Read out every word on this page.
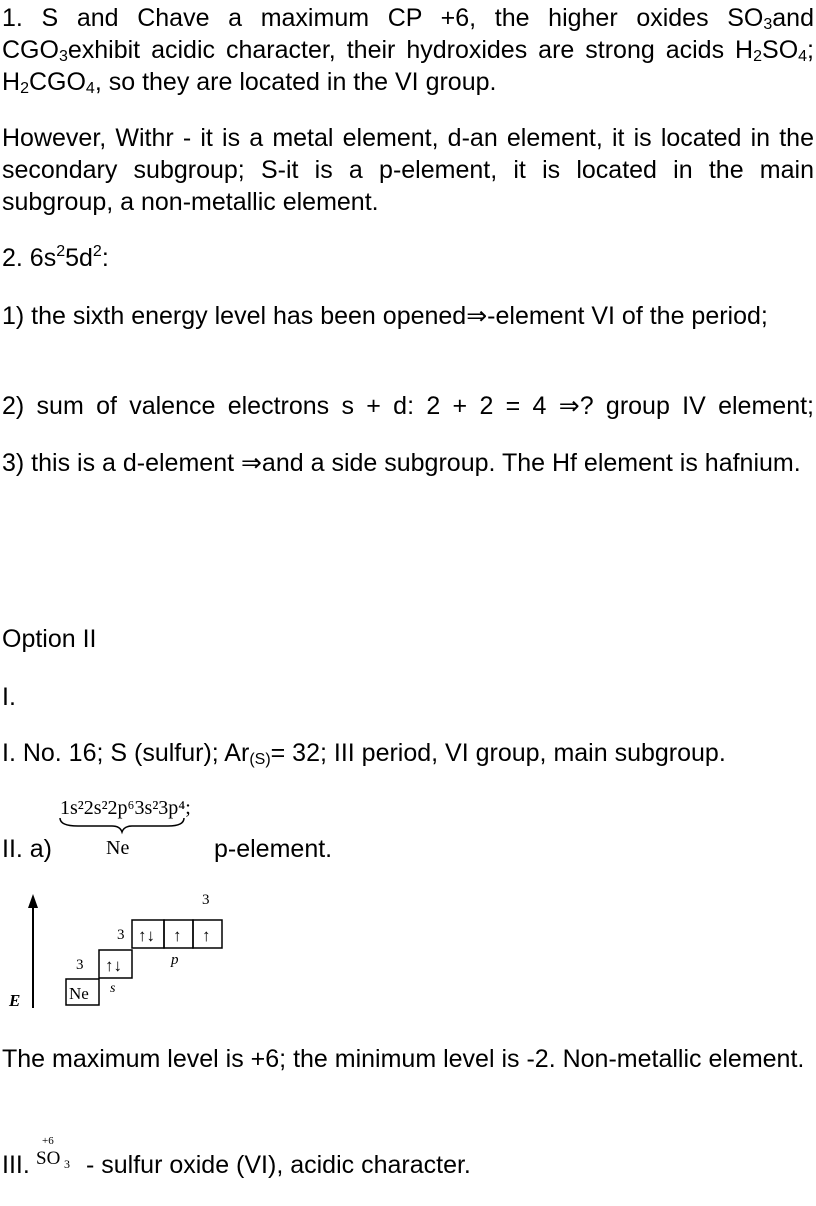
1. S and Chave a maximum CP +6, the higher oxides $SO_3and$ $CGO_3exhibit$ acidic character, their hydroxides are strong acids $H_2SO_4$; $H_2CGO_4$, so they are located in the VI group.

However, Withr - it is a metal element, d-an element, it is located in the secondary subgroup; S-it is a p-element, it is located in the main subgroup, a non-metallic element.

2. $6s^25d^2$:

1) the sixth energy level has been opened⇒-element VI of the period;

2) sum of valence electrons s + d: 2 + 2 = 4 ⇒? group IV element;

3) this is a d-element ⇒and a side subgroup. The Hf element is hafnium.

Option II

I.

I. No. 16; S (sulfur); $Ar_{(S)}= 32$; III period, VI group, main subgroup.

II. a)	p-element.

1s²2s²2p⁶3s²3p⁴;
Ne
E	Ne
3 ↑↓
s
3 ↑↓ ↑ ↑
p
3

The maximum level is +6; the minimum level is -2. Non-metallic element.

III.

+6
SO 3 - sulfur oxide (VI), acidic character.
